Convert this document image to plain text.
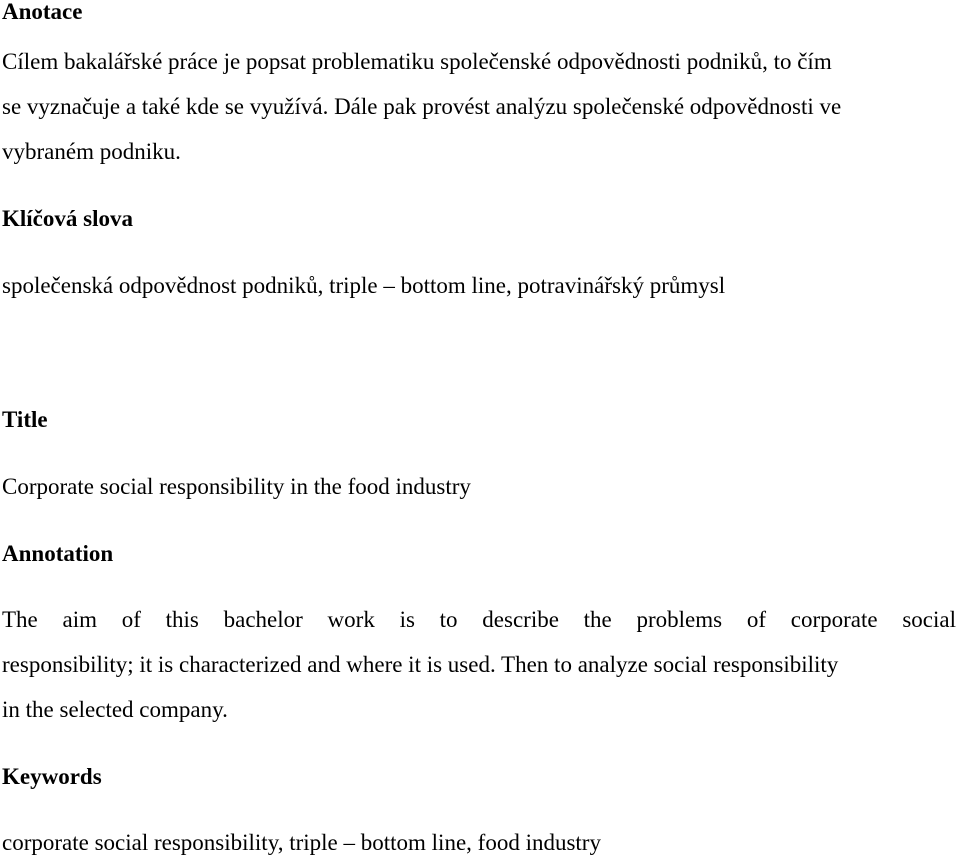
Anotace
Cílem bakalářské práce je popsat problematiku společenské odpovědnosti podniků, to čím
se vyznačuje a také kde se využívá. Dále pak provést analýzu společenské odpovědnosti ve
vybraném podniku.
Klíčová slova
společenská odpovědnost podniků, triple – bottom line, potravinářský průmysl
Title
Corporate social responsibility in the food industry
Annotation
The aim of this bachelor work is to describe the problems of corporate social
responsibility; it is characterized and where it is used. Then to analyze social responsibility
in the selected company.
Keywords
corporate social responsibility, triple – bottom line, food industry
